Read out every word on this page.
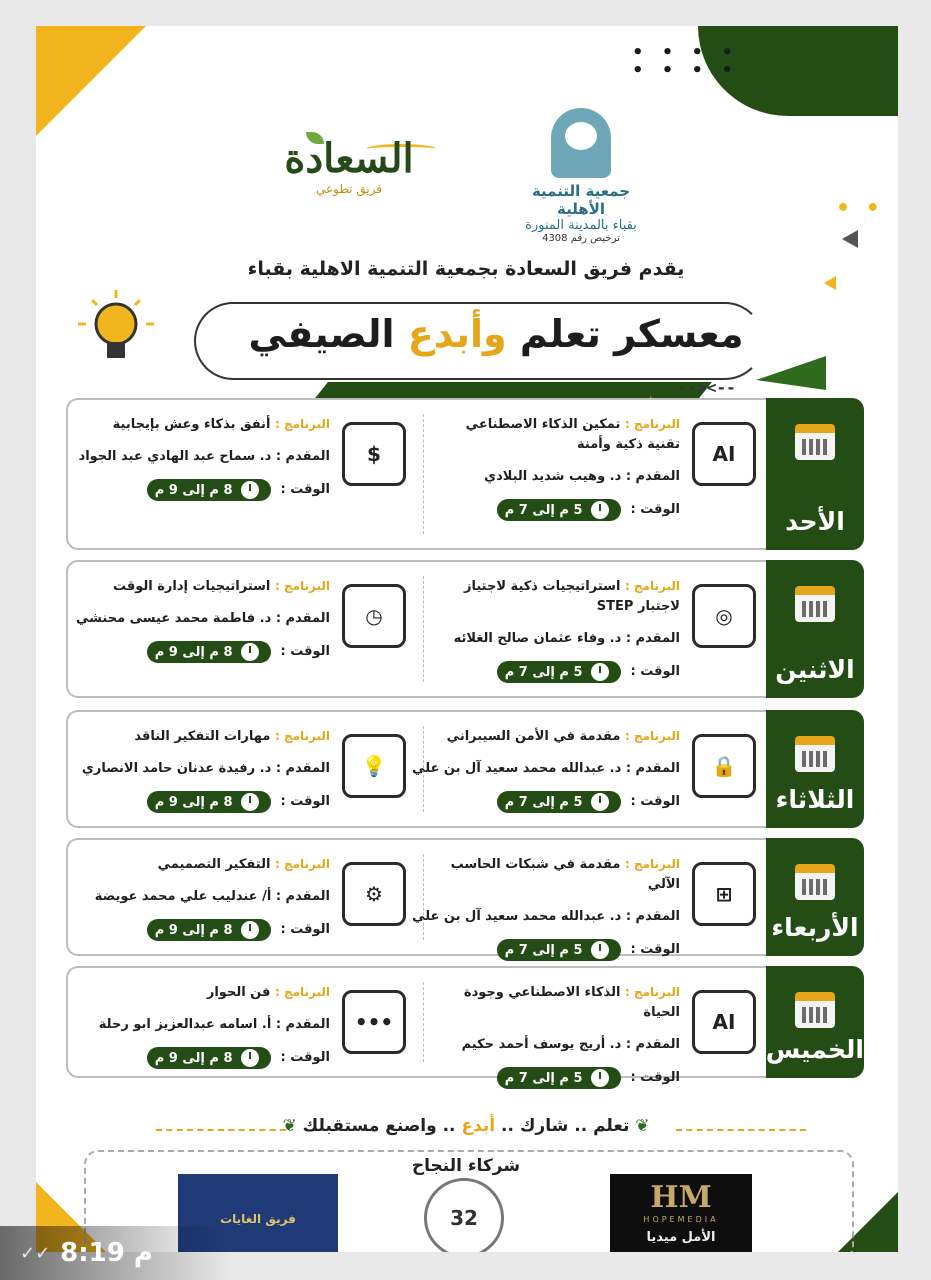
• • • •
• • • •
• •
السعادة
فريق تطوعي	جمعية التنمية الأهلية
بقباء بالمدينة المنورة
ترخيص رقم 4308
يقدم فريق السعادة بجمعية التنمية الاهلية بقباء
معسكر تعلم وأبدع الصيفي
--><--
الأحد
AI
البرنامج : تمكين الذكاء الاصطناعي تقنية ذكية وأمنة
المقدم : د. وهيب شديد البلادي
الوقت :
5 م إلى 7 م
$
البرنامج : أنفق بذكاء وعش بإيجابية
المقدم : د. سماح عبد الهادي عبد الجواد
الوقت :
8 م إلى 9 م
الاثنين
◎
البرنامج : استراتيجيات ذكية لاجتياز لاجتبار STEP
المقدم : د. وفاء عثمان صالح الغلائه
الوقت :
5 م إلى 7 م
◷
البرنامج : استراتيجيات إدارة الوقت
المقدم : د. فاطمة محمد عيسى محنشي
الوقت :
8 م إلى 9 م
الثلاثاء
🔒
البرنامج : مقدمة في الأمن السيبراني
المقدم : د. عبدالله محمد سعيد آل بن علي
الوقت :
5 م إلى 7 م
💡
البرنامج : مهارات التفكير الناقد
المقدم : د. رفيدة عدنان حامد الانصاري
الوقت :
8 م إلى 9 م
الأربعاء
⊞
البرنامج : مقدمة في شبكات الحاسب الآلي
المقدم : د. عبدالله محمد سعيد آل بن علي
الوقت :
5 م إلى 7 م
⚙
البرنامج : التفكير التصميمي
المقدم : أ/ عندليب علي محمد عويضة
الوقت :
8 م إلى 9 م
الخميس
AI
البرنامج : الذكاء الاصطناعي وجودة الحياة
المقدم : د. أريج يوسف أحمد حكيم
الوقت :
5 م إلى 7 م
•••
البرنامج : فن الحوار
المقدم : أ. اسامه عبدالعزيز ابو رحلة
الوقت :
8 م إلى 9 م
❦ تعلم .. شارك .. أبدع .. واصنع مستقبلك ❦
شركاء النجاح
فريق الغايات	32
HM
HOPEMEDIA
الأمل ميديا
✓✓ 8:19 م
